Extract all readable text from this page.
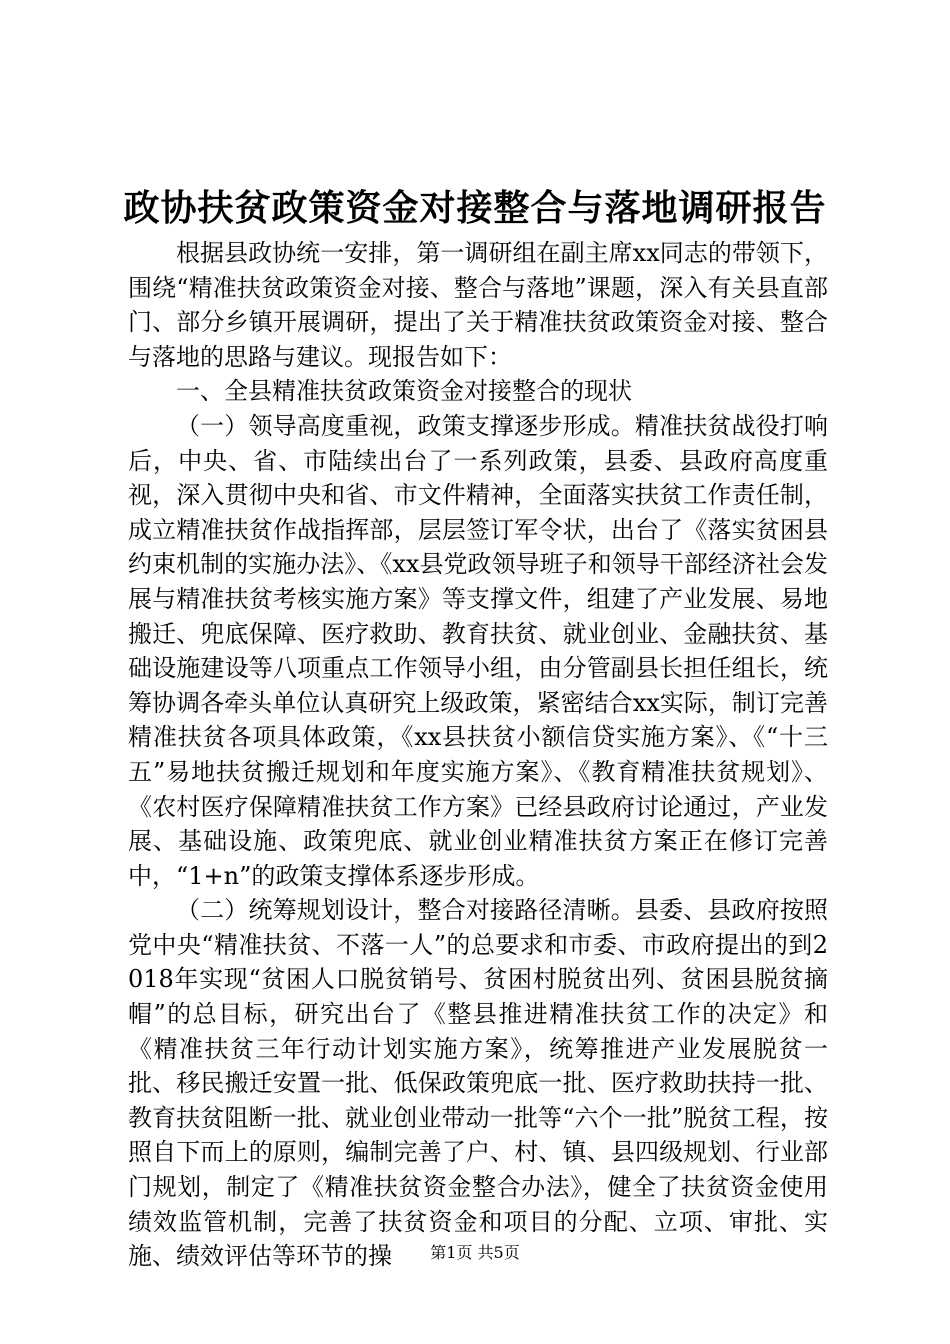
政协扶贫政策资金对接整合与落地调研报告

根据县政协统一安排，第一调研组在副主席xx同志的带领下，围绕“精准扶贫政策资金对接、整合与落地”课题，深入有关县直部门、部分乡镇开展调研，提出了关于精准扶贫政策资金对接、整合与落地的思路与建议。现报告如下：

一、全县精准扶贫政策资金对接整合的现状

（一）领导高度重视，政策支撑逐步形成。精准扶贫战役打响后，中央、省、市陆续出台了一系列政策，县委、县政府高度重视，深入贯彻中央和省、市文件精神，全面落实扶贫工作责任制，成立精准扶贫作战指挥部，层层签订军令状，出台了《落实贫困县约束机制的实施办法》、《xx县党政领导班子和领导干部经济社会发展与精准扶贫考核实施方案》等支撑文件，组建了产业发展、易地搬迁、兜底保障、医疗救助、教育扶贫、就业创业、金融扶贫、基础设施建设等八项重点工作领导小组，由分管副县长担任组长，统筹协调各牵头单位认真研究上级政策，紧密结合xx实际，制订完善精准扶贫各项具体政策，《xx县扶贫小额信贷实施方案》、《“十三五”易地扶贫搬迁规划和年度实施方案》、《教育精准扶贫规划》、《农村医疗保障精准扶贫工作方案》已经县政府讨论通过，产业发展、基础设施、政策兜底、就业创业精准扶贫方案正在修订完善中，“1+n”的政策支撑体系逐步形成。

（二）统筹规划设计，整合对接路径清晰。县委、县政府按照党中央“精准扶贫、不落一人”的总要求和市委、市政府提出的到2018年实现“贫困人口脱贫销号、贫困村脱贫出列、贫困县脱贫摘帽”的总目标，研究出台了《整县推进精准扶贫工作的决定》和《精准扶贫三年行动计划实施方案》，统筹推进产业发展脱贫一批、移民搬迁安置一批、低保政策兜底一批、医疗救助扶持一批、教育扶贫阻断一批、就业创业带动一批等“六个一批”脱贫工程，按照自下而上的原则，编制完善了户、村、镇、县四级规划、行业部门规划，制定了《精准扶贫资金整合办法》，健全了扶贫资金使用绩效监管机制，完善了扶贫资金和项目的分配、立项、审批、实施、绩效评估等环节的操	第1页 共5页
